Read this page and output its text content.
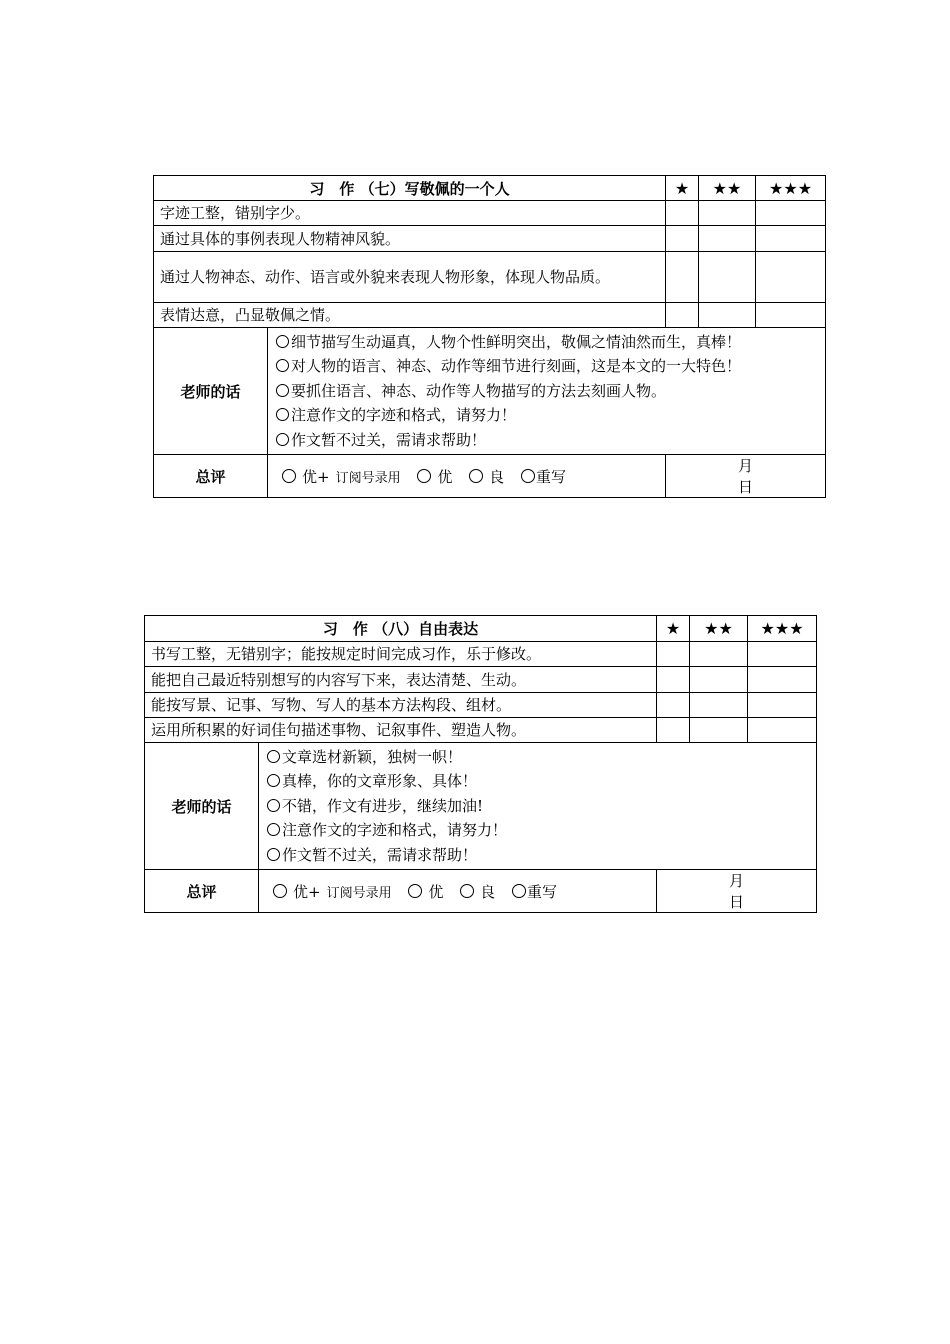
习　作 （七）写敬佩的一个人		★	★★	★★★
字迹工整，错别字少。				
通过具体的事例表现人物精神风貌。				
通过人物神态、动作、语言或外貌来表现人物形象，体现人物品质。				
表情达意，凸显敬佩之情。				
老师的话	细节描写生动逼真，人物个性鲜明突出，敬佩之情油然而生，真棒！
对人物的语言、神态、动作等细节进行刻画，这是本文的一大特色！
要抓住语言、神态、动作等人物描写的方法去刻画人物。
注意作文的字迹和格式，请努力！
作文暂不过关，需请求帮助！			

总评	优+ 订阅号录用 优 良 重写	月日		
习　作 （八）自由表达		★	★★	★★★
书写工整，无错别字；能按规定时间完成习作，乐于修改。				
能把自己最近特别想写的内容写下来，表达清楚、生动。				
能按写景、记事、写物、写人的基本方法构段、组材。				
运用所积累的好词佳句描述事物、记叙事件、塑造人物。				
老师的话	文章选材新颖，独树一帜！
真棒，你的文章形象、具体！
不错，作文有进步，继续加油!
注意作文的字迹和格式，请努力！
作文暂不过关，需请求帮助！			

总评	优+ 订阅号录用 优 良 重写	月日		
